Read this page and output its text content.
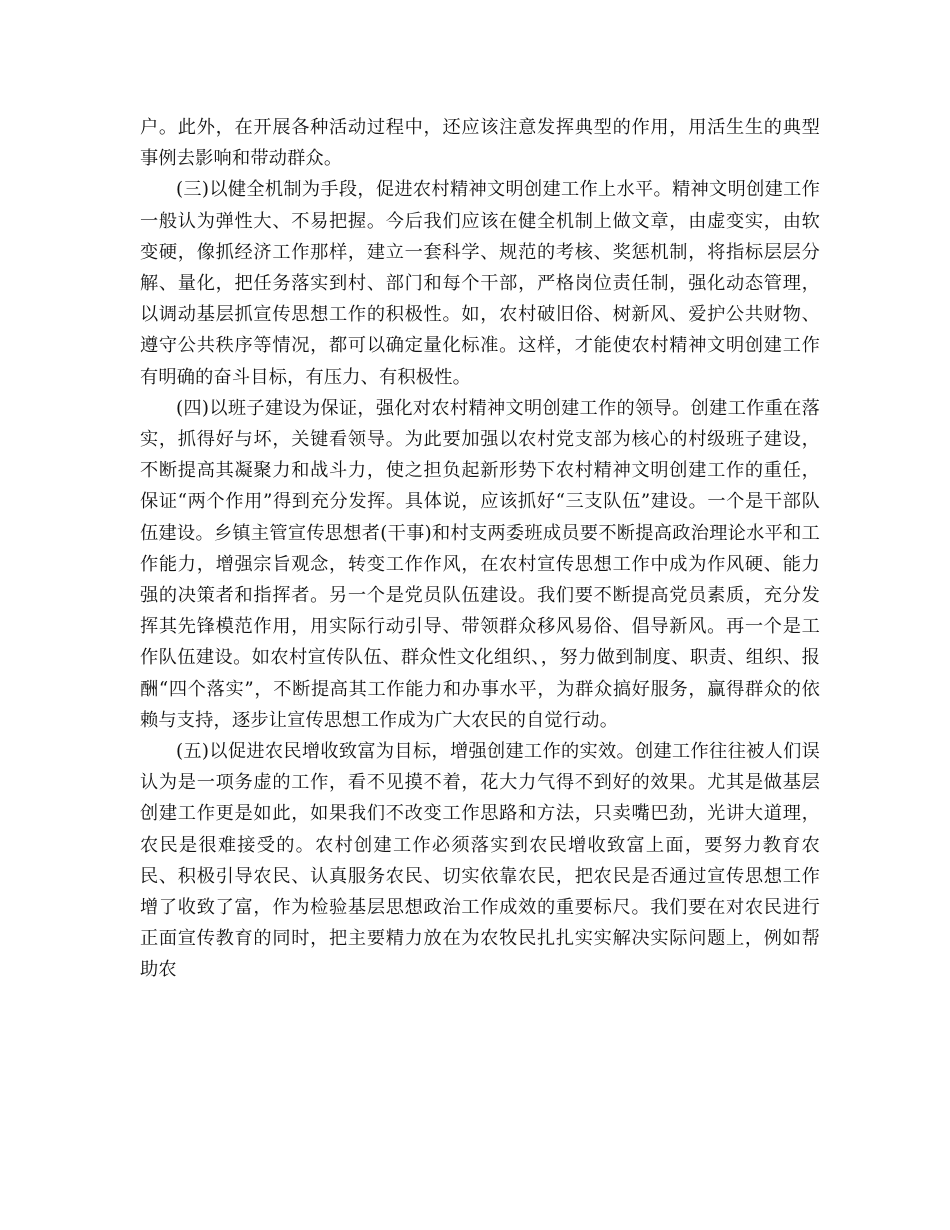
户。此外，在开展各种活动过程中，还应该注意发挥典型的作用，用活生生的典型事例去影响和带动群众。

(三)以健全机制为手段，促进农村精神文明创建工作上水平。精神文明创建工作一般认为弹性大、不易把握。今后我们应该在健全机制上做文章，由虚变实，由软变硬，像抓经济工作那样，建立一套科学、规范的考核、奖惩机制，将指标层层分解、量化，把任务落实到村、部门和每个干部，严格岗位责任制，强化动态管理，以调动基层抓宣传思想工作的积极性。如，农村破旧俗、树新风、爱护公共财物、遵守公共秩序等情况，都可以确定量化标准。这样，才能使农村精神文明创建工作有明确的奋斗目标，有压力、有积极性。

(四)以班子建设为保证，强化对农村精神文明创建工作的领导。创建工作重在落实，抓得好与坏，关键看领导。为此要加强以农村党支部为核心的村级班子建设，不断提高其凝聚力和战斗力，使之担负起新形势下农村精神文明创建工作的重任，保证“两个作用”得到充分发挥。具体说，应该抓好“三支队伍”建设。一个是干部队伍建设。乡镇主管宣传思想者(干事)和村支两委班成员要不断提高政治理论水平和工作能力，增强宗旨观念，转变工作作风，在农村宣传思想工作中成为作风硬、能力强的决策者和指挥者。另一个是党员队伍建设。我们要不断提高党员素质，充分发挥其先锋模范作用，用实际行动引导、带领群众移风易俗、倡导新风。再一个是工作队伍建设。如农村宣传队伍、群众性文化组织、，努力做到制度、职责、组织、报酬“四个落实”，不断提高其工作能力和办事水平，为群众搞好服务，赢得群众的依赖与支持，逐步让宣传思想工作成为广大农民的自觉行动。

(五)以促进农民增收致富为目标，增强创建工作的实效。创建工作往往被人们误认为是一项务虚的工作，看不见摸不着，花大力气得不到好的效果。尤其是做基层创建工作更是如此，如果我们不改变工作思路和方法，只卖嘴巴劲，光讲大道理，农民是很难接受的。农村创建工作必须落实到农民增收致富上面，要努力教育农民、积极引导农民、认真服务农民、切实依靠农民，把农民是否通过宣传思想工作增了收致了富，作为检验基层思想政治工作成效的重要标尺。我们要在对农民进行正面宣传教育的同时，把主要精力放在为农牧民扎扎实实解决实际问题上，例如帮助农
